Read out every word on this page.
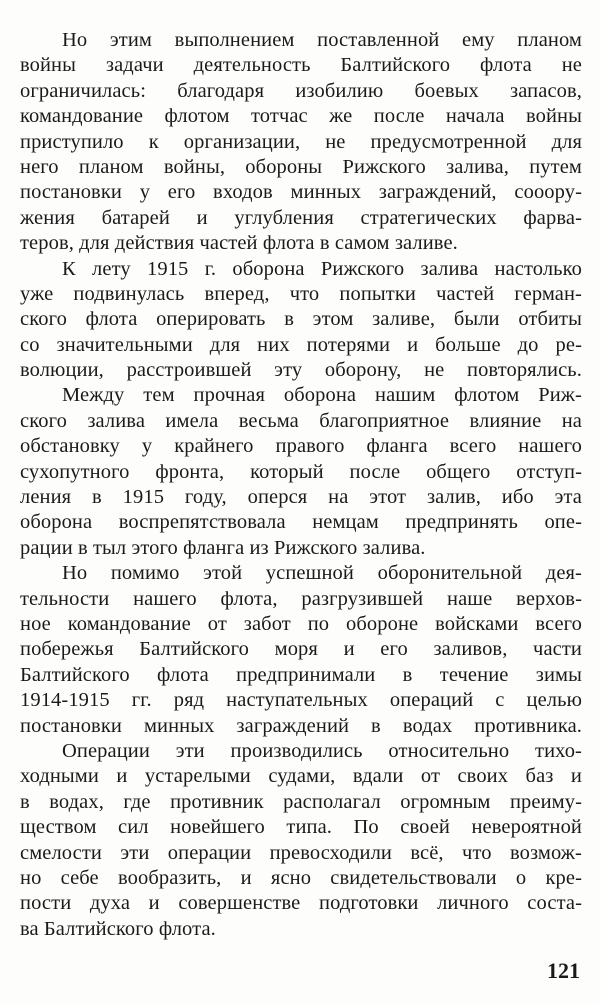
Но этим выполнением поставленной ему планом
войны задачи деятельность Балтийского флота не
ограничилась: благодаря изобилию боевых запасов,
командование флотом тотчас же после начала войны
приступило к организации, не предусмотренной для
него планом войны, обороны Рижского залива, путем
постановки у его входов минных заграждений, сооору-
жения батарей и углубления стратегических фарва-
теров, для действия частей флота в самом заливе.
К лету 1915 г. оборона Рижского залива настолько
уже подвинулась вперед, что попытки частей герман-
ского флота оперировать в этом заливе, были отбиты
со значительными для них потерями и больше до ре-
волюции, расстроившей эту оборону, не повторялись.
Между тем прочная оборона нашим флотом Риж-
ского залива имела весьма благоприятное влияние на
обстановку у крайнего правого фланга всего нашего
сухопутного фронта, который после общего отступ-
ления в 1915 году, оперся на этот залив, ибо эта
оборона воспрепятствовала немцам предпринять опе-
рации в тыл этого фланга из Рижского залива.
Но помимо этой успешной оборонительной дея-
тельности нашего флота, разгрузившей наше верхов-
ное командование от забот по обороне войсками всего
побережья Балтийского моря и его заливов, части
Балтийского флота предпринимали в течение зимы
1914-1915 гг. ряд наступательных операций с целью
постановки минных заграждений в водах противника.
Операции эти производились относительно тихо-
ходными и устарелыми судами, вдали от своих баз и
в водах, где противник располагал огромным преиму-
ществом сил новейшего типа. По своей невероятной
смелости эти операции превосходили всё, что возмож-
но себе вообразить, и ясно свидетельствовали о кре-
пости духа и совершенстве подготовки личного соста-
ва Балтийского флота.
121
